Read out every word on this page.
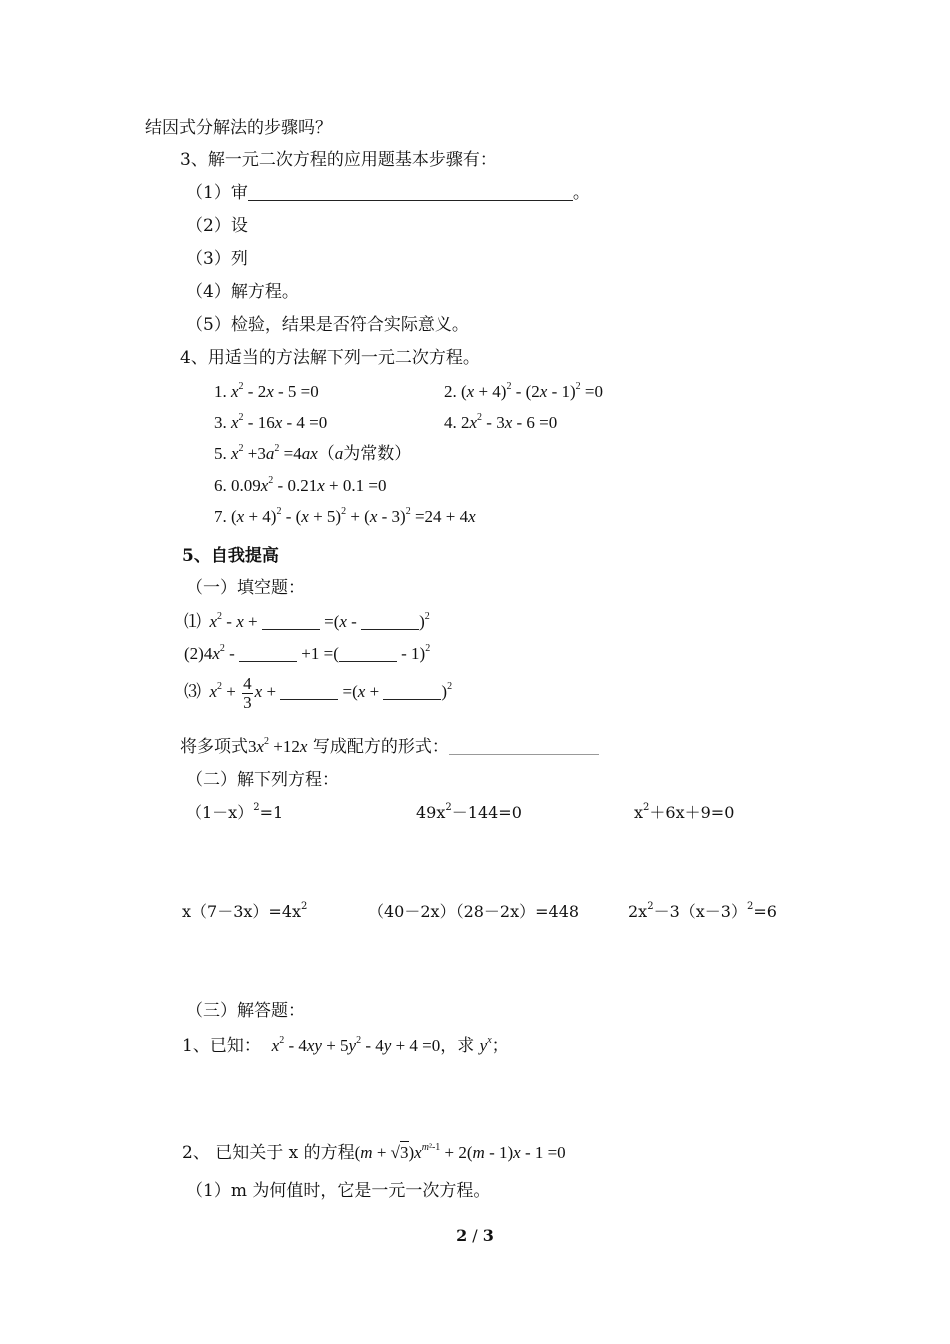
结因式分解法的步骤吗？
3、解一元二次方程的应用题基本步骤有：
（1）审	。
（2）设
（3）列
（4）解方程。
（5）检验，结果是否符合实际意义。
4、用适当的方法解下列一元二次方程。
1. $x^2 - 2x - 5 =0$	2. $(x + 4)^2 - (2x - 1)^2 =0$
3. $x^2 - 16x - 4 =0$	4. $2x^2 - 3x - 6 =0$
5. $x^2 +3a^2 =4ax(a$为常数）
6. $0.09x^2 - 0.21x + 0.1 =0$
7. $(x + 4)^2 - (x + 5)^2 + (x - 3)^2 =24 + 4x$
5、自我提高
（一）填空题：
⑴ $x^2$ - x +	=(x -	)$^2$
$(2)4x^2$ -	+1 =(	- 1)$^2$
⑶ $x^2 + \frac{4}{3}$ x +	=(x +	)$^2$
将多项式$3x^2 +12x$ 写成配方的形式：
（二）解下列方程：
$(1-x)^2=1$	$49x^2-144=0$	$x^2+6x+9=0$
$x(7-3x)=4x^2$	（40－2x）（28－2x）=448	$2x^2-3(x-3)^2=6$
（三）解答题：
1、已知： $x^2 - 4xy + 5y^2 - 4y + 4 =0$，求 $y^x$；
2、 已知关于 x 的方程$(m + √3)x^{m^2-1} + 2(m - 1)x - 1 =0$
（1）m 为何值时，它是一元一次方程。
2 / 3
